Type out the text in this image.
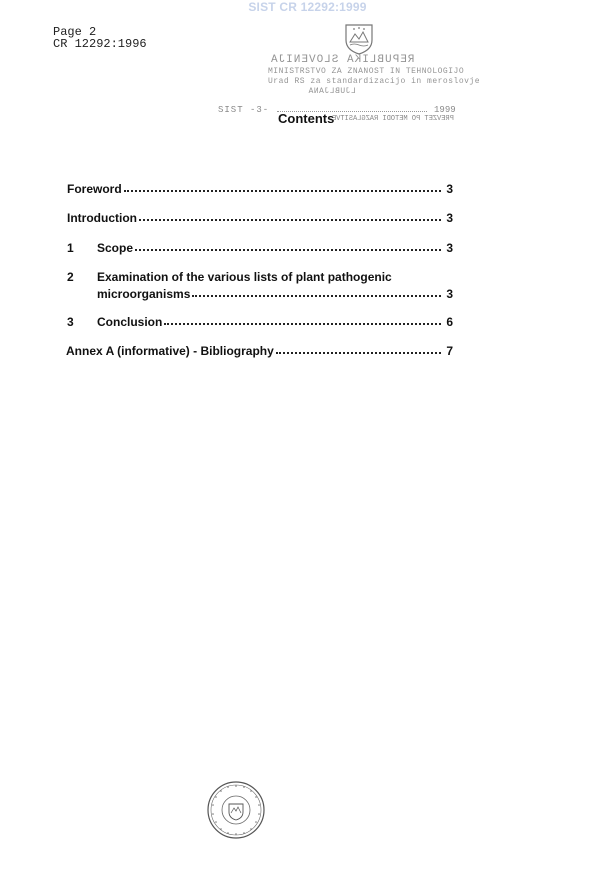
SIST CR 12292:1999
Page 2
CR 12292:1996
REPUBLIKA SLOVENIJA
MINISTRSTVO ZA ZNANOST IN TEHNOLOGIJO
Urad RS za standardizacijo in meroslovje
LJUBLJANA
SIST -3-	1999
Contents
PREVZET PO METODI RAZGLASITVE
Foreword	3
Introduction	3
1	Scope	3
2	Examination of the various lists of plant pathogenic
microorganisms	3
3	Conclusion	6
Annex A (informative) - Bibliography	7
